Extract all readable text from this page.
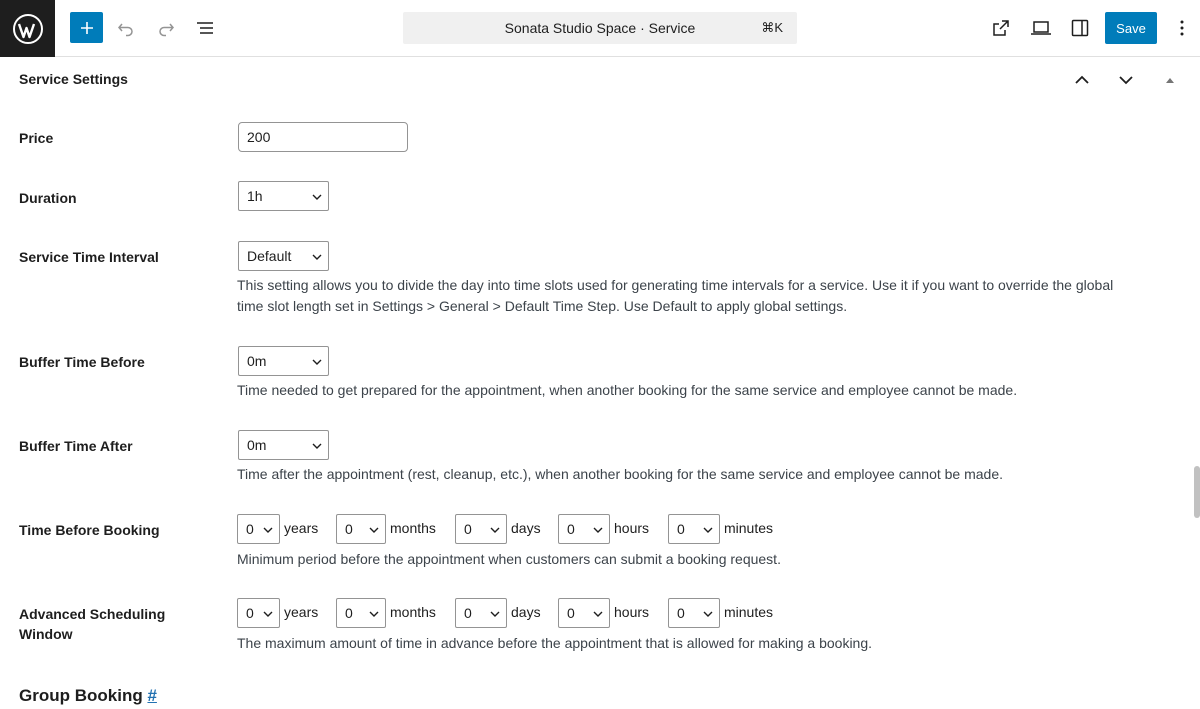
Sonata Studio Space · Service	⌘K	Save
Service Settings
Price	200
Duration	1h
Service Time Interval	Default
This setting allows you to divide the day into time slots used for generating time intervals for a service. Use it if you want to override the global
time slot length set in Settings > General > Default Time Step. Use Default to apply global settings.
Buffer Time Before	0m
Time needed to get prepared for the appointment, when another booking for the same service and employee cannot be made.
Buffer Time After	0m
Time after the appointment (rest, cleanup, etc.), when another booking for the same service and employee cannot be made.
Time Before Booking	0	years	0	months	0	days	0	hours	0	minutes
Minimum period before the appointment when customers can submit a booking request.
Advanced Scheduling
Window
0	years	0	months	0	days	0	hours	0	minutes
The maximum amount of time in advance before the appointment that is allowed for making a booking.
Group Booking #
